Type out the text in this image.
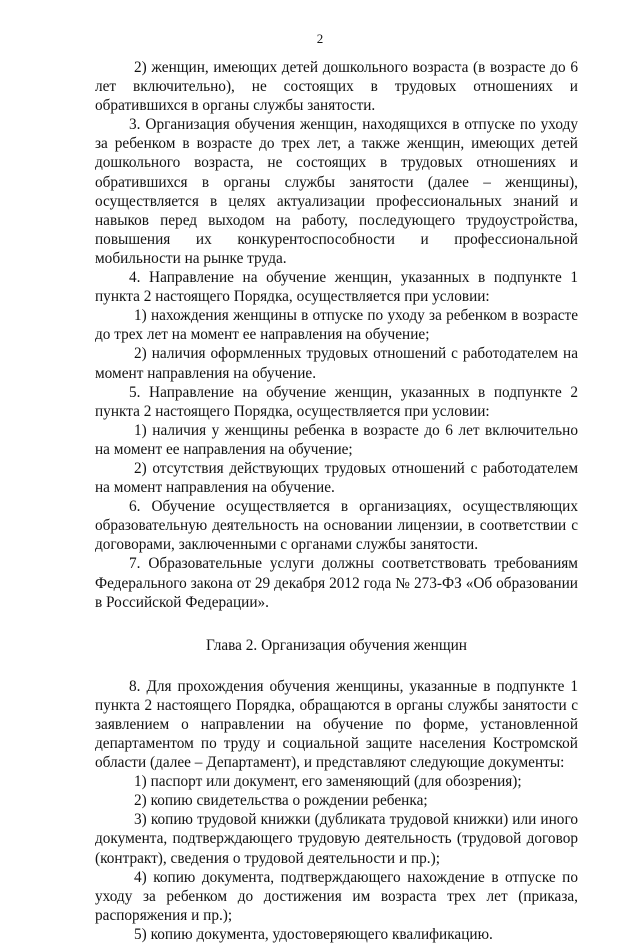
2
2) женщин, имеющих детей дошкольного возраста (в возрасте до 6 лет включительно), не состоящих в трудовых отношениях и обратившихся в органы службы занятости.
3. Организация обучения женщин, находящихся в отпуске по уходу за ребенком в возрасте до трех лет, а также женщин, имеющих детей дошкольного возраста, не состоящих в трудовых отношениях и обратившихся в органы службы занятости (далее – женщины), осуществляется в целях актуализации профессиональных знаний и навыков перед выходом на работу, последующего трудоустройства, повышения их конкурентоспособности и профессиональной мобильности на рынке труда.
4. Направление на обучение женщин, указанных в подпункте 1 пункта 2 настоящего Порядка, осуществляется при условии:
1) нахождения женщины в отпуске по уходу за ребенком в возрасте до трех лет на момент ее направления на обучение;
2) наличия оформленных трудовых отношений с работодателем на момент направления на обучение.
5. Направление на обучение женщин, указанных в подпункте 2 пункта 2 настоящего Порядка, осуществляется при условии:
1) наличия у женщины ребенка в возрасте до 6 лет включительно на момент ее направления на обучение;
2) отсутствия действующих трудовых отношений с работодателем на момент направления на обучение.
6. Обучение осуществляется в организациях, осуществляющих образовательную деятельность на основании лицензии, в соответствии с договорами, заключенными с органами службы занятости.
7. Образовательные услуги должны соответствовать требованиям Федерального закона от 29 декабря 2012 года № 273-ФЗ «Об образовании в Российской Федерации».
Глава 2. Организация обучения женщин
8. Для прохождения обучения женщины, указанные в подпункте 1 пункта 2 настоящего Порядка, обращаются в органы службы занятости с заявлением о направлении на обучение по форме, установленной департаментом по труду и социальной защите населения Костромской области (далее – Департамент), и представляют следующие документы:
1) паспорт или документ, его заменяющий (для обозрения);
2) копию свидетельства о рождении ребенка;
3) копию трудовой книжки (дубликата трудовой книжки) или иного документа, подтверждающего трудовую деятельность (трудовой договор (контракт), сведения о трудовой деятельности и пр.);
4) копию документа, подтверждающего нахождение в отпуске по уходу за ребенком до достижения им возраста трех лет (приказа, распоряжения и пр.);
5) копию документа, удостоверяющего квалификацию.
